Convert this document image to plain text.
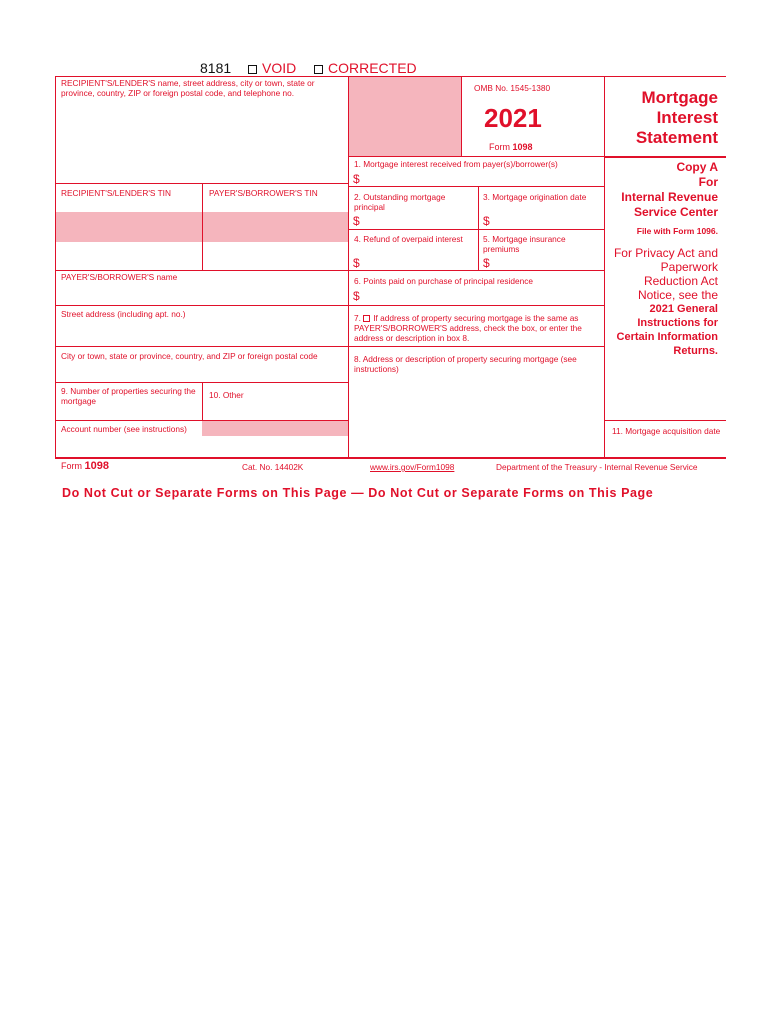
8181	VOID	CORRECTED
RECIPIENT'S/LENDER'S name, street address, city or town, state or province, country, ZIP or foreign postal code, and telephone no.
RECIPIENT'S/LENDER'S TIN	PAYER'S/BORROWER'S TIN
PAYER'S/BORROWER'S name
Street address (including apt. no.)
City or town, state or province, country, and ZIP or foreign postal code
9. Number of properties securing the mortgage
10. Other
Account number (see instructions)
OMB No. 1545-1380
2021
Form 1098
Mortgage
Interest
Statement
1. Mortgage interest received from payer(s)/borrower(s)
$
2. Outstanding mortgage principal
$
3. Mortgage origination date
$
4. Refund of overpaid interest
$
5. Mortgage insurance premiums
$
6. Points paid on purchase of principal residence
$
7. If address of property securing mortgage is the same as PAYER'S/BORROWER'S address, check the box, or enter the address or description in box 8.
8. Address or description of property securing mortgage (see instructions)
11. Mortgage acquisition date
Copy A
For
Internal Revenue Service Center
File with Form 1096.
For Privacy Act and Paperwork Reduction Act Notice, see the
2021 General Instructions for Certain Information Returns.
Form 1098	Cat. No. 14402K	www.irs.gov/Form1098	Department of the Treasury - Internal Revenue Service
Do Not Cut or Separate Forms on This Page — Do Not Cut or Separate Forms on This Page
